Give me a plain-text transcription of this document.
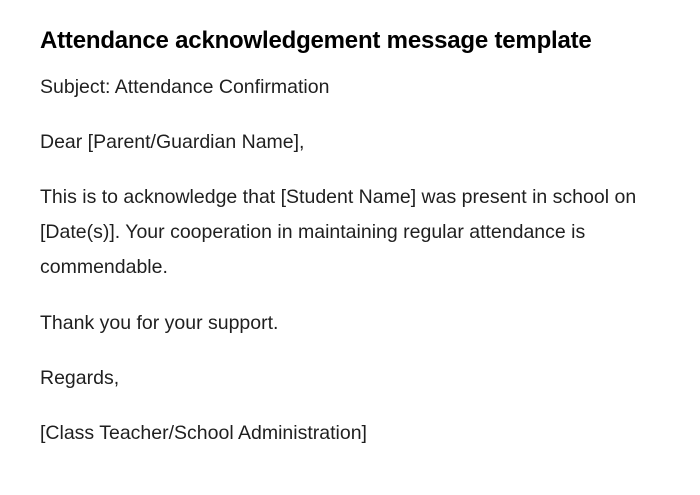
Attendance acknowledgement message template

Subject: Attendance Confirmation

Dear [Parent/Guardian Name],

This is to acknowledge that [Student Name] was present in school on [Date(s)]. Your cooperation in maintaining regular attendance is commendable.

Thank you for your support.

Regards,

[Class Teacher/School Administration]
